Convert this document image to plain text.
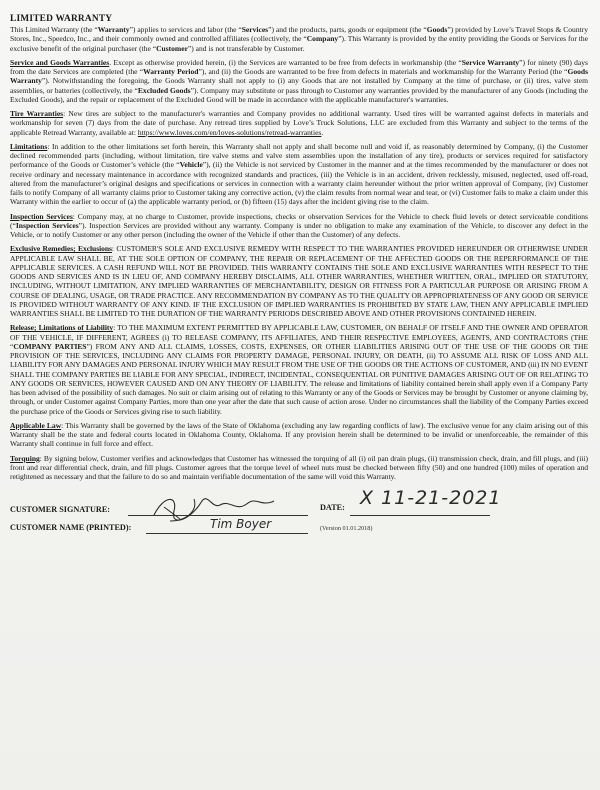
LIMITED WARRANTY

This Limited Warranty (the “Warranty”) applies to services and labor (the “Services”) and the products, parts, goods or equipment (the “Goods”) provided by Love’s Travel Stops & Country Stores, Inc., Speedco, Inc., and their commonly owned and controlled affiliates (collectively, the “Company”). This Warranty is provided by the entity providing the Goods or Services for the exclusive benefit of the original purchaser (the “Customer”) and is not transferable by Customer.

Service and Goods Warranties. Except as otherwise provided herein, (i) the Services are warranted to be free from defects in workmanship (the “Service Warranty”) for ninety (90) days from the date Services are completed (the “Warranty Period”), and (ii) the Goods are warranted to be free from defects in materials and workmanship for the Warranty Period (the “Goods Warranty”). Notwithstanding the foregoing, the Goods Warranty shall not apply to (i) any Goods that are not installed by Company at the time of purchase, or (ii) tires, valve stem assemblies, or batteries (collectively, the “Excluded Goods”). Company may substitute or pass through to Customer any warranties provided by the manufacturer of any Goods (including the Excluded Goods), and the repair or replacement of the Excluded Good will be made in accordance with the applicable manufacturer's warranties.

Tire Warranties: New tires are subject to the manufacturer's warranties and Company provides no additional warranty. Used tires will be warranted against defects in materials and workmanship for seven (7) days from the date of purchase. Any retread tires supplied by Love’s Truck Solutions, LLC are excluded from this Warranty and subject to the terms of the applicable Retread Warranty, available at: https://www.loves.com/en/loves-solutions/retread-warranties.

Limitations: In addition to the other limitations set forth herein, this Warranty shall not apply and shall become null and void if, as reasonably determined by Company, (i) the Customer declined recommended parts (including, without limitation, tire valve stems and valve stem assemblies upon the installation of any tire), products or services required for satisfactory performance of the Goods or Customer’s vehicle (the “Vehicle”), (ii) the Vehicle is not serviced by Customer in the manner and at the times recommended by the manufacturer or does not receive ordinary and necessary maintenance in accordance with recognized standards and practices, (iii) the Vehicle is in an accident, driven recklessly, misused, neglected, used off-road, altered from the manufacturer’s original designs and specifications or services in connection with a warranty claim hereunder without the prior written approval of Company, (iv) Customer fails to notify Company of all warranty claims prior to Customer taking any corrective action, (v) the claim results from normal wear and tear, or (vi) Customer fails to make a claim under this Warranty within the earlier to occur of (a) the applicable warranty period, or (b) fifteen (15) days after the incident giving rise to the claim.

Inspection Services: Company may, at no charge to Customer, provide inspections, checks or observation Services for the Vehicle to check fluid levels or detect serviceable conditions (“Inspection Services”). Inspection Services are provided without any warranty. Company is under no obligation to make any examination of the Vehicle, to discover any defect in the Vehicle, or to notify Customer or any other person (including the owner of the Vehicle if other than the Customer) of any defects.

Exclusive Remedies; Exclusions: CUSTOMER'S SOLE AND EXCLUSIVE REMEDY WITH RESPECT TO THE WARRANTIES PROVIDED HEREUNDER OR OTHERWISE UNDER APPLICABLE LAW SHALL BE, AT THE SOLE OPTION OF COMPANY, THE REPAIR OR REPLACEMENT OF THE AFFECTED GOODS OR THE REPERFORMANCE OF THE APPLICABLE SERVICES. A CASH REFUND WILL NOT BE PROVIDED. THIS WARRANTY CONTAINS THE SOLE AND EXCLUSIVE WARRANTIES WITH RESPECT TO THE GOODS AND SERVICES AND IS IN LIEU OF, AND COMPANY HEREBY DISCLAIMS, ALL OTHER WARRANTIES, WHETHER WRITTEN, ORAL, IMPLIED OR STATUTORY, INCLUDING, WITHOUT LIMITATION, ANY IMPLIED WARRANTIES OF MERCHANTABILITY, DESIGN OR FITNESS FOR A PARTICULAR PURPOSE OR ARISING FROM A COURSE OF DEALING, USAGE, OR TRADE PRACTICE. ANY RECOMMENDATION BY COMPANY AS TO THE QUALITY OR APPROPRIATENESS OF ANY GOOD OR SERVICE IS PROVIDED WITHOUT WARRANTY OF ANY KIND. IF THE EXCLUSION OF IMPLIED WARRANTIES IS PROHIBITED BY STATE LAW, THEN ANY APPLICABLE IMPLIED WARRANTIES SHALL BE LIMITED TO THE DURATION OF THE WARRANTY PERIODS DESCRIBED ABOVE AND OTHER PROVISIONS CONTAINED HEREIN.

Release; Limitations of Liability: TO THE MAXIMUM EXTENT PERMITTED BY APPLICABLE LAW, CUSTOMER, ON BEHALF OF ITSELF AND THE OWNER AND OPERATOR OF THE VEHICLE, IF DIFFERENT, AGREES (i) TO RELEASE COMPANY, ITS AFFILIATES, AND THEIR RESPECTIVE EMPLOYEES, AGENTS, AND CONTRACTORS (THE “COMPANY PARTIES”) FROM ANY AND ALL CLAIMS, LOSSES, COSTS, EXPENSES, OR OTHER LIABILITIES ARISING OUT OF THE USE OF THE GOODS OR THE PROVISION OF THE SERVICES, INCLUDING ANY CLAIMS FOR PROPERTY DAMAGE, PERSONAL INJURY, OR DEATH, (ii) TO ASSUME ALL RISK OF LOSS AND ALL LIABILITY FOR ANY DAMAGES AND PERSONAL INJURY WHICH MAY RESULT FROM THE USE OF THE GOODS OR THE ACTIONS OF CUSTOMER, AND (iii) IN NO EVENT SHALL THE COMPANY PARTIES BE LIABLE FOR ANY SPECIAL, INDIRECT, INCIDENTAL, CONSEQUENTIAL OR PUNITIVE DAMAGES ARISING OUT OF OR RELATING TO ANY GOODS OR SERVICES, HOWEVER CAUSED AND ON ANY THEORY OF LIABILITY. The release and limitations of liability contained herein shall apply even if a Company Party has been advised of the possibility of such damages. No suit or claim arising out of relating to this Warranty or any of the Goods or Services may be brought by Customer or anyone claiming by, through, or under Customer against Company Parties, more than one year after the date that such cause of action arose. Under no circumstances shall the liability of the Company Parties exceed the purchase price of the Goods or Services giving rise to such liability.

Applicable Law: This Warranty shall be governed by the laws of the State of Oklahoma (excluding any law regarding conflicts of law). The exclusive venue for any claim arising out of this Warranty shall be the state and federal courts located in Oklahoma County, Oklahoma. If any provision herein shall be determined to be invalid or unenforceable, the remainder of this Warranty shall continue in full force and effect.

Torquing: By signing below, Customer verifies and acknowledges that Customer has witnessed the torquing of all (i) oil pan drain plugs, (ii) transmission check, drain, and fill plugs, and (iii) front and rear differential check, drain, and fill plugs. Customer agrees that the torque level of wheel nuts must be checked between fifty (50) and one hundred (100) miles of operation and retightened as necessary and that the failure to do so and maintain verifiable documentation of the same will void this Warranty.

CUSTOMER SIGNATURE:
CUSTOMER NAME (PRINTED):	Tim Boyer
DATE: X 11-21-2021
(Version 01.01.2018)
